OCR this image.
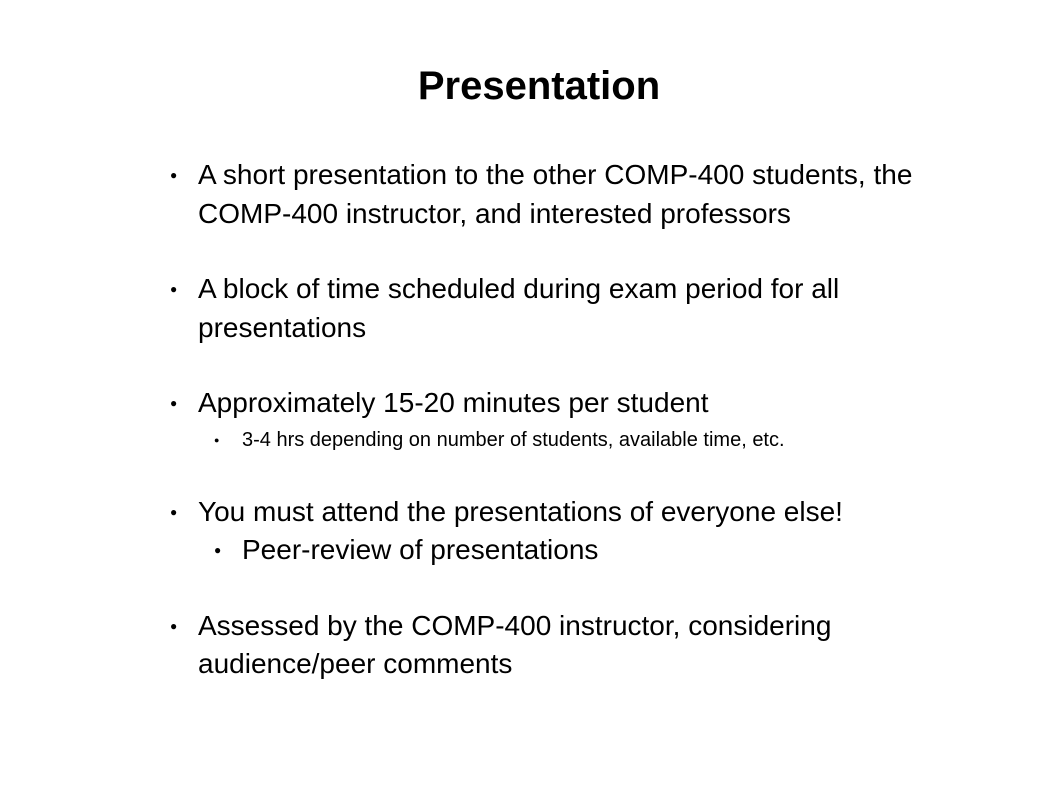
Presentation
● A short presentation to the other COMP-400 students, the COMP-400 instructor, and interested professors
● A block of time scheduled during exam period for all presentations
● Approximately 15-20 minutes per student
● 3-4 hrs depending on number of students, available time, etc.
● You must attend the presentations of everyone else!
● Peer-review of presentations
● Assessed by the COMP-400 instructor, considering audience/peer comments
